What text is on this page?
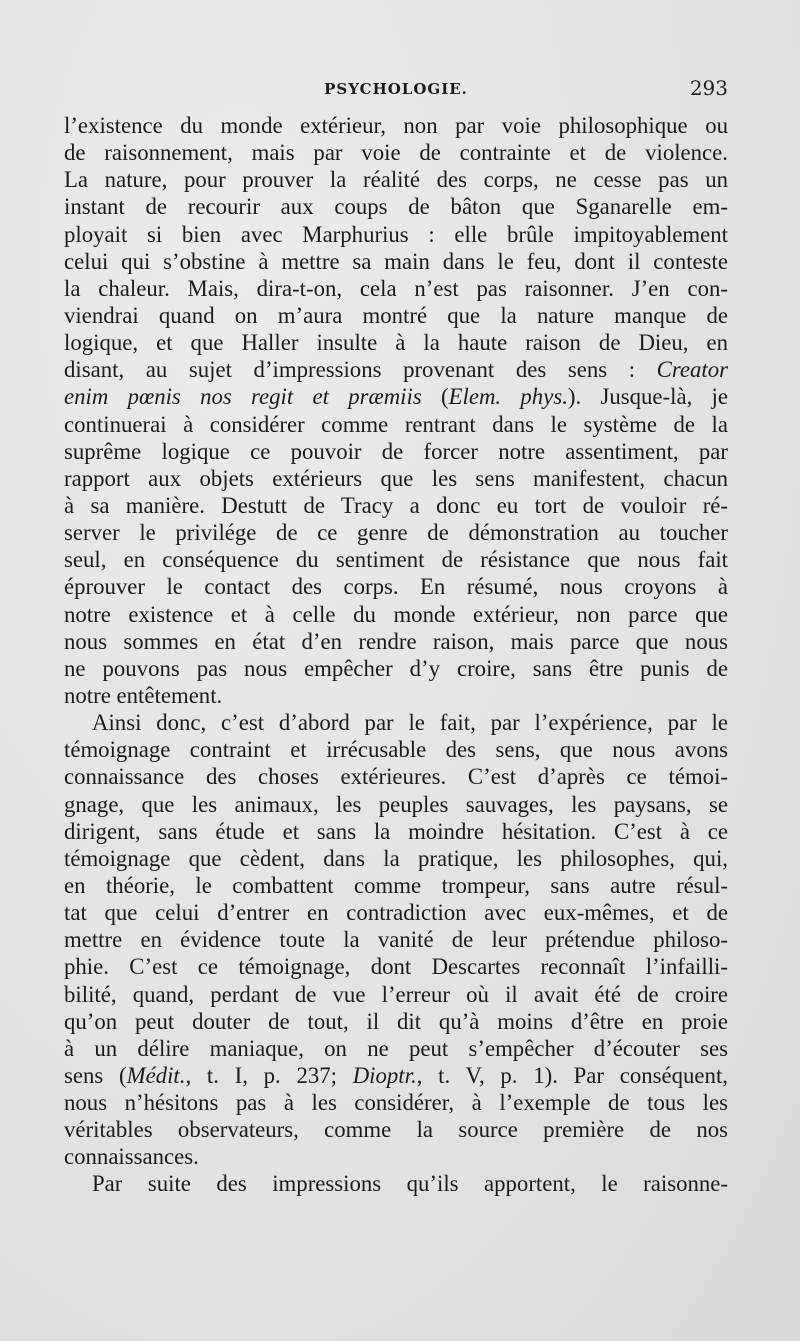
PSYCHOLOGIE.	293
l’existence du monde extérieur, non par voie philosophique ou
de raisonnement, mais par voie de contrainte et de violence.
La nature, pour prouver la réalité des corps, ne cesse pas un
instant de recourir aux coups de bâton que Sganarelle em-
ployait si bien avec Marphurius : elle brûle impitoyablement
celui qui s’obstine à mettre sa main dans le feu, dont il conteste
la chaleur. Mais, dira-t-on, cela n’est pas raisonner. J’en con-
viendrai quand on m’aura montré que la nature manque de
logique, et que Haller insulte à la haute raison de Dieu, en
disant, au sujet d’impressions provenant des sens : Creator
enim pœnis nos regit et præmiis (Elem. phys.). Jusque-là, je
continuerai à considérer comme rentrant dans le système de la
suprême logique ce pouvoir de forcer notre assentiment, par
rapport aux objets extérieurs que les sens manifestent, chacun
à sa manière. Destutt de Tracy a donc eu tort de vouloir ré-
server le privilége de ce genre de démonstration au toucher
seul, en conséquence du sentiment de résistance que nous fait
éprouver le contact des corps. En résumé, nous croyons à
notre existence et à celle du monde extérieur, non parce que
nous sommes en état d’en rendre raison, mais parce que nous
ne pouvons pas nous empêcher d’y croire, sans être punis de
notre entêtement.
Ainsi donc, c’est d’abord par le fait, par l’expérience, par le
témoignage contraint et irrécusable des sens, que nous avons
connaissance des choses extérieures. C’est d’après ce témoi-
gnage, que les animaux, les peuples sauvages, les paysans, se
dirigent, sans étude et sans la moindre hésitation. C’est à ce
témoignage que cèdent, dans la pratique, les philosophes, qui,
en théorie, le combattent comme trompeur, sans autre résul-
tat que celui d’entrer en contradiction avec eux-mêmes, et de
mettre en évidence toute la vanité de leur prétendue philoso-
phie. C’est ce témoignage, dont Descartes reconnaît l’infailli-
bilité, quand, perdant de vue l’erreur où il avait été de croire
qu’on peut douter de tout, il dit qu’à moins d’être en proie
à un délire maniaque, on ne peut s’empêcher d’écouter ses
sens (Médit., t. I, p. 237; Dioptr., t. V, p. 1). Par conséquent,
nous n’hésitons pas à les considérer, à l’exemple de tous les
véritables observateurs, comme la source première de nos
connaissances.
Par suite des impressions qu’ils apportent, le raisonne-
